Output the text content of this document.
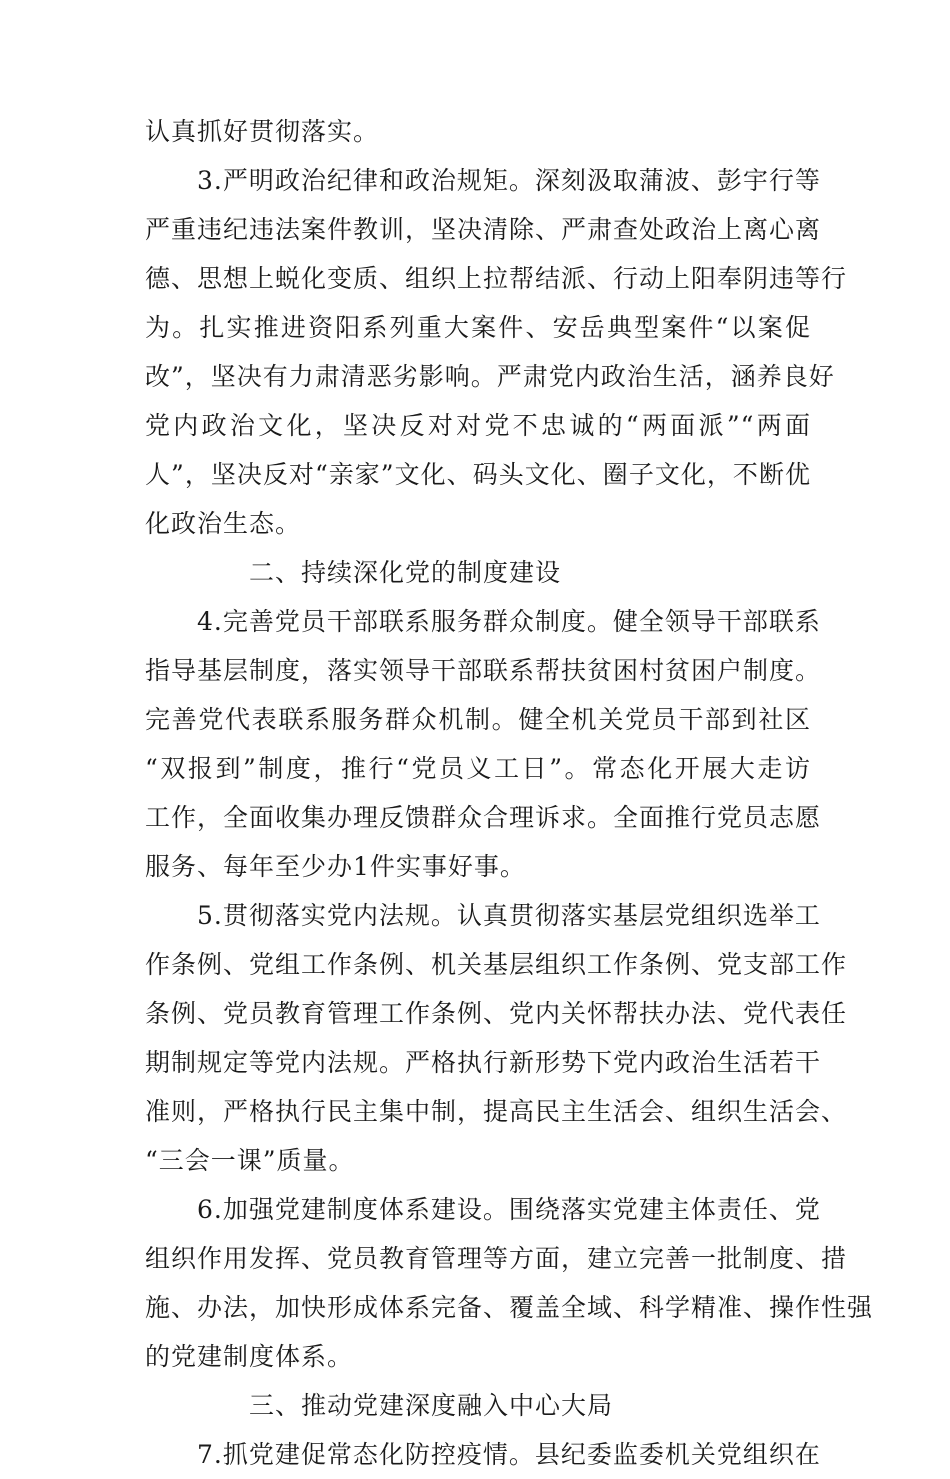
认真抓好贯彻落实。
3.严明政治纪律和政治规矩。深刻汲取蒲波、彭宇行等
严重违纪违法案件教训，坚决清除、严肃查处政治上离心离
德、思想上蜕化变质、组织上拉帮结派、行动上阳奉阴违等行
为。扎实推进资阳系列重大案件、安岳典型案件“以案促
改”，坚决有力肃清恶劣影响。严肃党内政治生活，涵养良好
党内政治文化，坚决反对对党不忠诚的“两面派”“两面
人”，坚决反对“亲家”文化、码头文化、圈子文化，不断优
化政治生态。
二、持续深化党的制度建设
4.完善党员干部联系服务群众制度。健全领导干部联系
指导基层制度，落实领导干部联系帮扶贫困村贫困户制度。
完善党代表联系服务群众机制。健全机关党员干部到社区
“双报到”制度，推行“党员义工日”。常态化开展大走访
工作，全面收集办理反馈群众合理诉求。全面推行党员志愿
服务、每年至少办1件实事好事。
5.贯彻落实党内法规。认真贯彻落实基层党组织选举工
作条例、党组工作条例、机关基层组织工作条例、党支部工作
条例、党员教育管理工作条例、党内关怀帮扶办法、党代表任
期制规定等党内法规。严格执行新形势下党内政治生活若干
准则，严格执行民主集中制，提高民主生活会、组织生活会、
“三会一课”质量。
6.加强党建制度体系建设。围绕落实党建主体责任、党
组织作用发挥、党员教育管理等方面，建立完善一批制度、措
施、办法，加快形成体系完备、覆盖全域、科学精准、操作性强
的党建制度体系。
三、推动党建深度融入中心大局
7.抓党建促常态化防控疫情。县纪委监委机关党组织在
